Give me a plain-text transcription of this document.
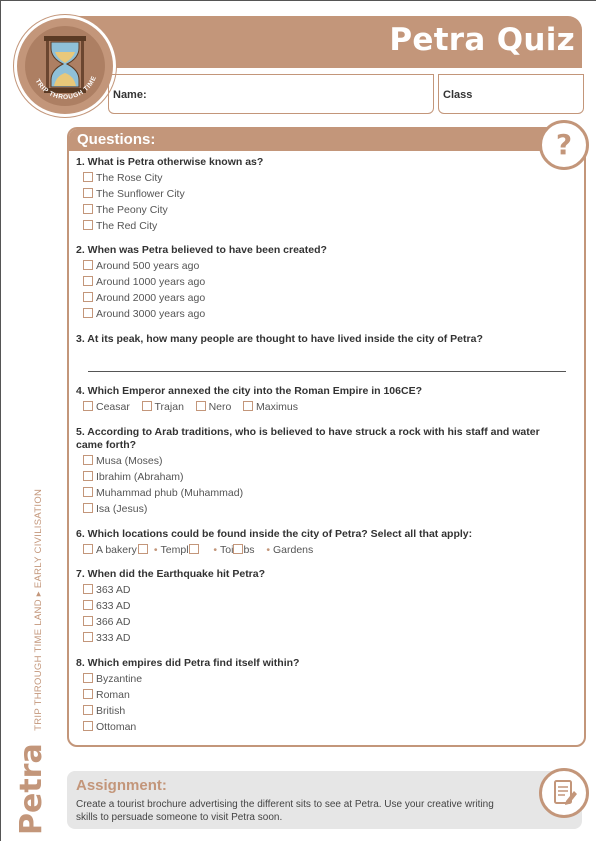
Petra Quiz
TRIP THROUGH TIME
Name:	Class
Questions:	?
1. What is Petra otherwise known as?
The Rose City
The Sunflower City
The Peony City
The Red City
2. When was Petra believed to have been created?
Around 500 years ago
Around 1000 years ago
Around 2000 years ago
Around 3000 years ago
3. At its peak, how many people are thought to have lived inside the city of Petra?
4. Which Emperor annexed the city into the Roman Empire in 106CE?
Ceasar Trajan Nero Maximus
5. According to Arab traditions, who is believed to have struck a rock with his staff and water came forth?
Musa (Moses)
Ibrahim (Abraham)
Muhammad phub (Muhammad)
Isa (Jesus)
6. Which locations could be found inside the city of Petra? Select all that apply:
A bakery • Templ • Toi bs • Gardens
7. When did the Earthquake hit Petra?
363 AD
633 AD
366 AD
333 AD
8. Which empires did Petra find itself within?
Byzantine
Roman
British
Ottoman
Petra TRIP THROUGH TIME LAND ▸ EARLY CIVILISATION
Assignment:
Create a tourist brochure advertising the different sits to see at Petra. Use your creative writing skills to persuade someone to visit Petra soon.
